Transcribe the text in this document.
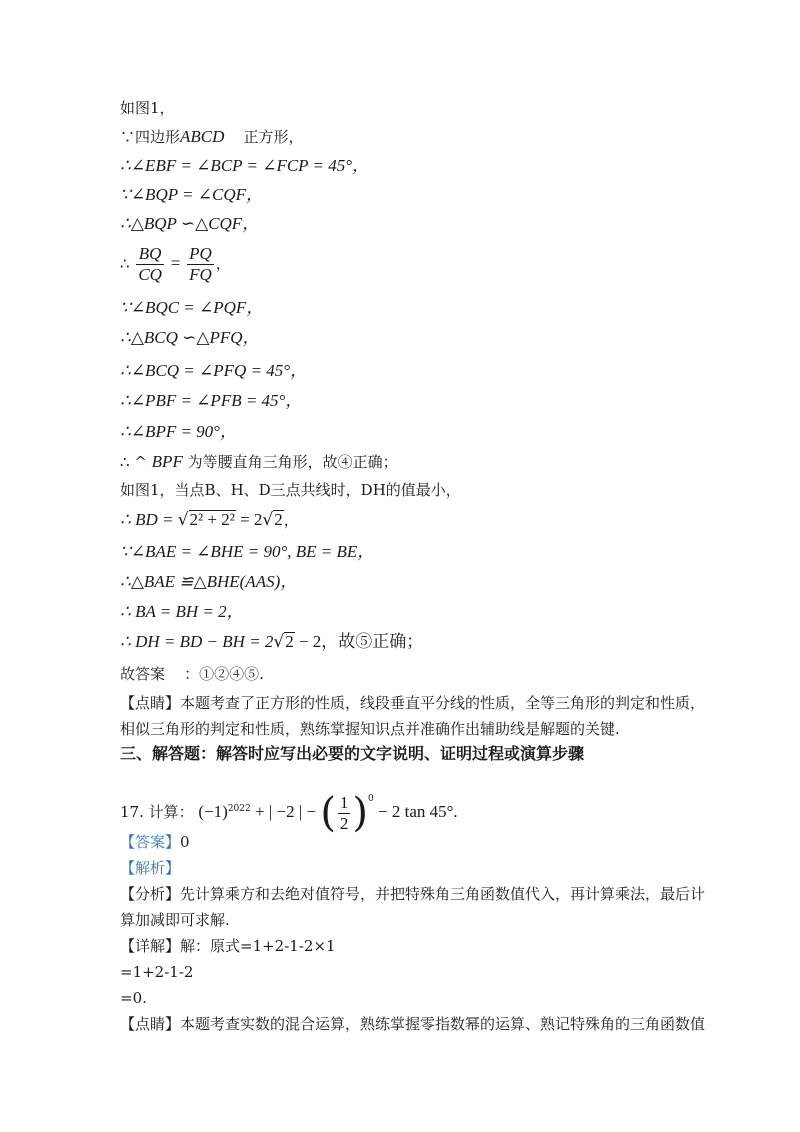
如图1，
∵四边形ABCD 正方形，
∴∠EBF = ∠BCP = ∠FCP = 45°，
∵∠BQP = ∠CQF，
∴△BQP ∽△CQF，
∴ $\frac{BQ}{CQ} = \frac{PQ}{FQ}$ ，
∵∠BQC = ∠PQF，
∴△BCQ ∽△PFQ，
∴∠BCQ = ∠PFQ = 45°，
∴∠PBF = ∠PFB = 45°，
∴∠BPF = 90°，
∴ ^ BPF 为等腰直角三角形，故④正确；
如图1，当点B、H、D三点共线时，DH的值最小，
∴ BD = √2² + 2² = 2√2，
∵∠BAE = ∠BHE = 90°, BE = BE，
∴△BAE ≌△BHE(AAS)，
∴ BA = BH = 2，
∴ DH = BD − BH = 2√2 − 2，故⑤正确；
故答案 ：①②④⑤.
【点睛】本题考查了正方形的性质，线段垂直平分线的性质，全等三角形的判定和性质，
相似三角形的判定和性质，熟练掌握知识点并准确作出辅助线是解题的关键.
三、解答题：解答时应写出必要的文字说明、证明过程或演算步骤
17. 计算： $(-1)^{2022}$ + | −2 | − ( $\frac{1}{2} )^0 - 2$ tan 45°.
【答案】0
【解析】
【分析】先计算乘方和去绝对值符号，并把特殊角三角函数值代入，再计算乘法，最后计
算加减即可求解.
【详解】解：原式=1+2-1-2×1
=1+2-1-2
=0.
【点睛】本题考查实数的混合运算，熟练掌握零指数幂的运算、熟记特殊角的三角函数值
